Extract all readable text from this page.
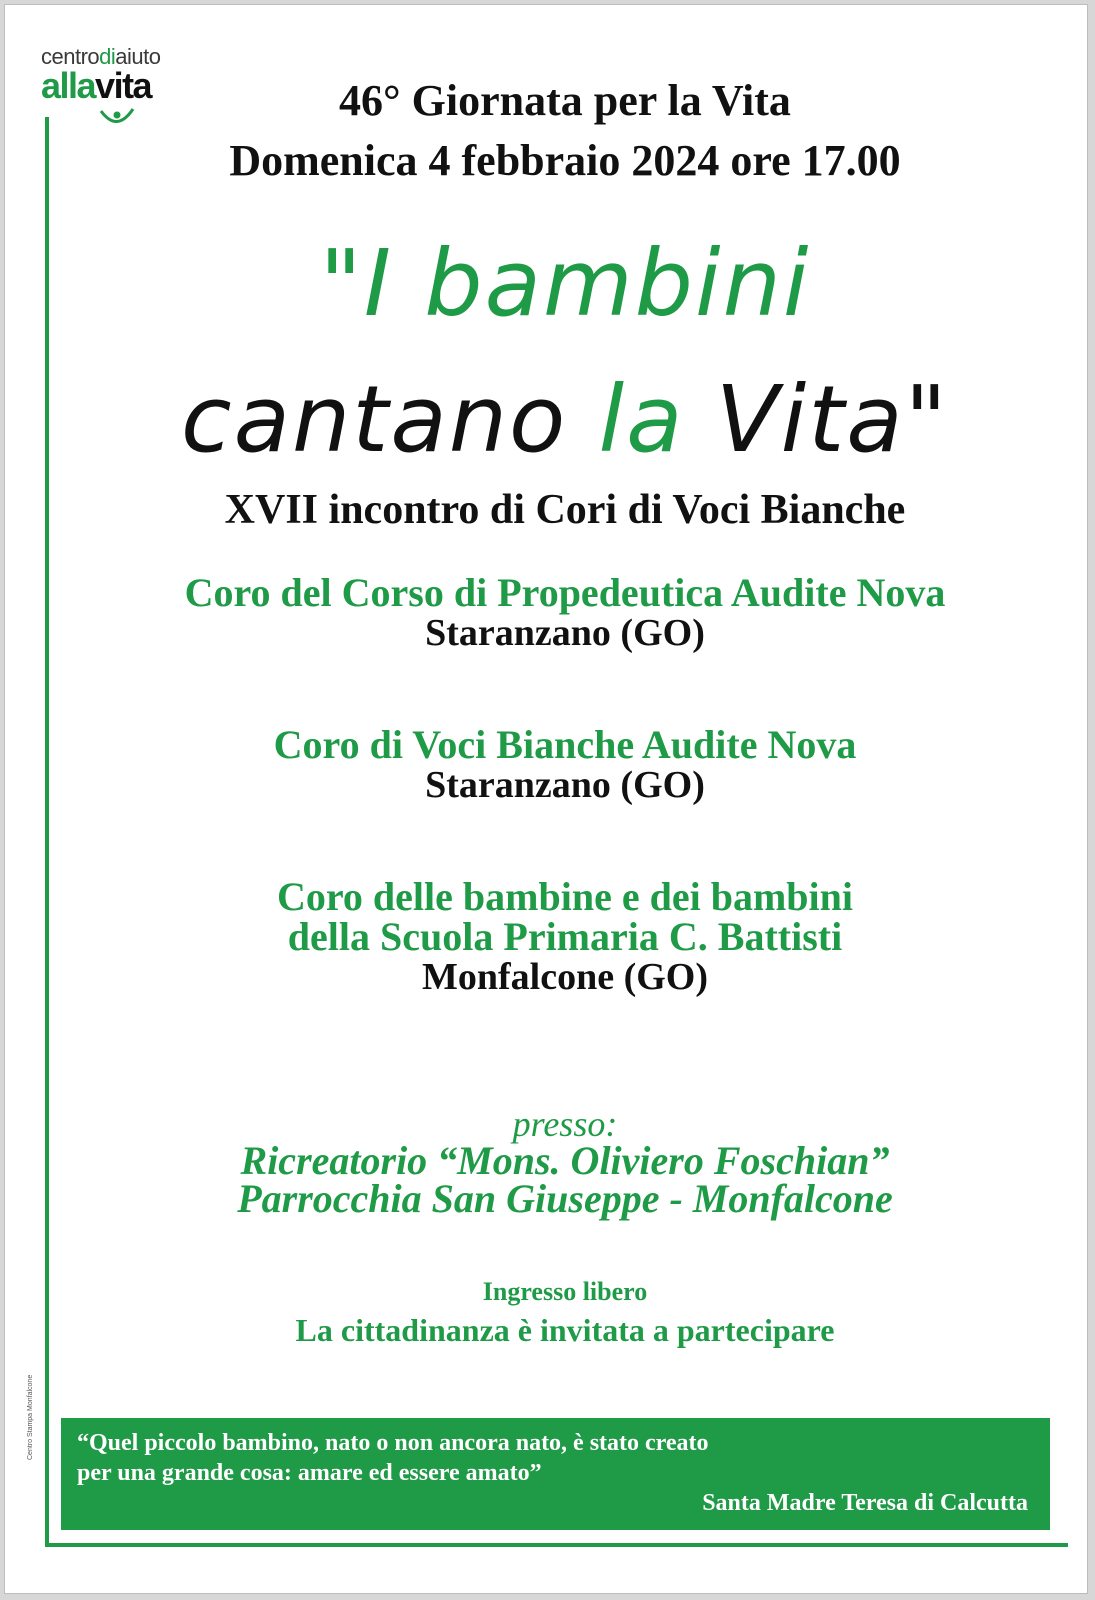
centrodiaiuto
allavita	46° Giornata per la Vita
Domenica 4 febbraio 2024 ore 17.00
"I bambini
cantano la Vita"
XVII incontro di Cori di Voci Bianche
Coro del Corso di Propedeutica Audite Nova
Staranzano (GO)
Coro di Voci Bianche Audite Nova
Staranzano (GO)
Coro delle bambine e dei bambini
della Scuola Primaria C. Battisti
Monfalcone (GO)
presso:
Ricreatorio “Mons. Oliviero Foschian”
Parrocchia San Giuseppe - Monfalcone
Ingresso libero
La cittadinanza è invitata a partecipare
“Quel piccolo bambino, nato o non ancora nato, è stato creato
per una grande cosa: amare ed essere amato”
Santa Madre Teresa di Calcutta
Centro Stampa Monfalcone
